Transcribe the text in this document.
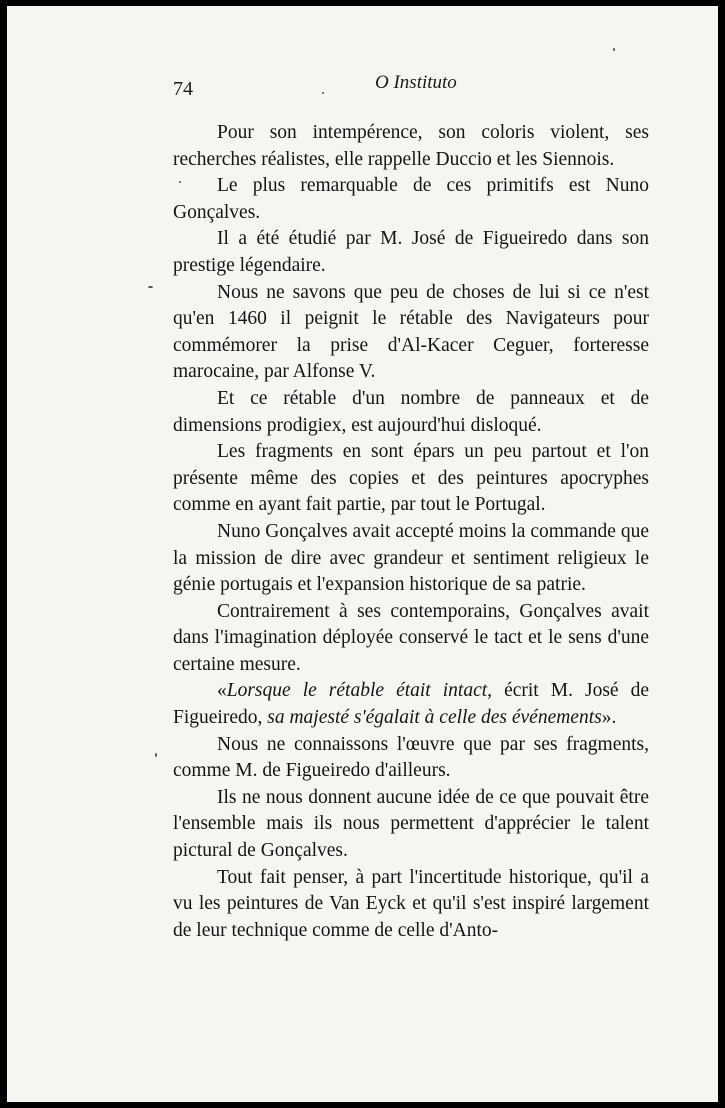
74	O Instituto

Pour son intempérence, son coloris violent, ses recherches réalistes, elle rappelle Duccio et les Siennois.

Le plus remarquable de ces primitifs est Nuno Gonçalves.

Il a été étudié par M. José de Figueiredo dans son prestige légendaire.

Nous ne savons que peu de choses de lui si ce n'est qu'en 1460 il peignit le rétable des Navigateurs pour commémorer la prise d'Al-Kacer Ceguer, forteresse marocaine, par Alfonse V.

Et ce rétable d'un nombre de panneaux et de dimensions prodigiex, est aujourd'hui disloqué.

Les fragments en sont épars un peu partout et l'on présente même des copies et des peintures apocryphes comme en ayant fait partie, par tout le Portugal.

Nuno Gonçalves avait accepté moins la commande que la mission de dire avec grandeur et sentiment religieux le génie portugais et l'expansion historique de sa patrie.

Contrairement à ses contemporains, Gonçalves avait dans l'imagination déployée conservé le tact et le sens d'une certaine mesure.

«Lorsque le rétable était intact, écrit M. José de Figueiredo, sa majesté s'égalait à celle des événements».

Nous ne connaissons l'œuvre que par ses fragments, comme M. de Figueiredo d'ailleurs.

Ils ne nous donnent aucune idée de ce que pouvait être l'ensemble mais ils nous permettent d'apprécier le talent pictural de Gonçalves.

Tout fait penser, à part l'incertitude historique, qu'il a vu les peintures de Van Eyck et qu'il s'est inspiré largement de leur technique comme de celle d'Anto-
